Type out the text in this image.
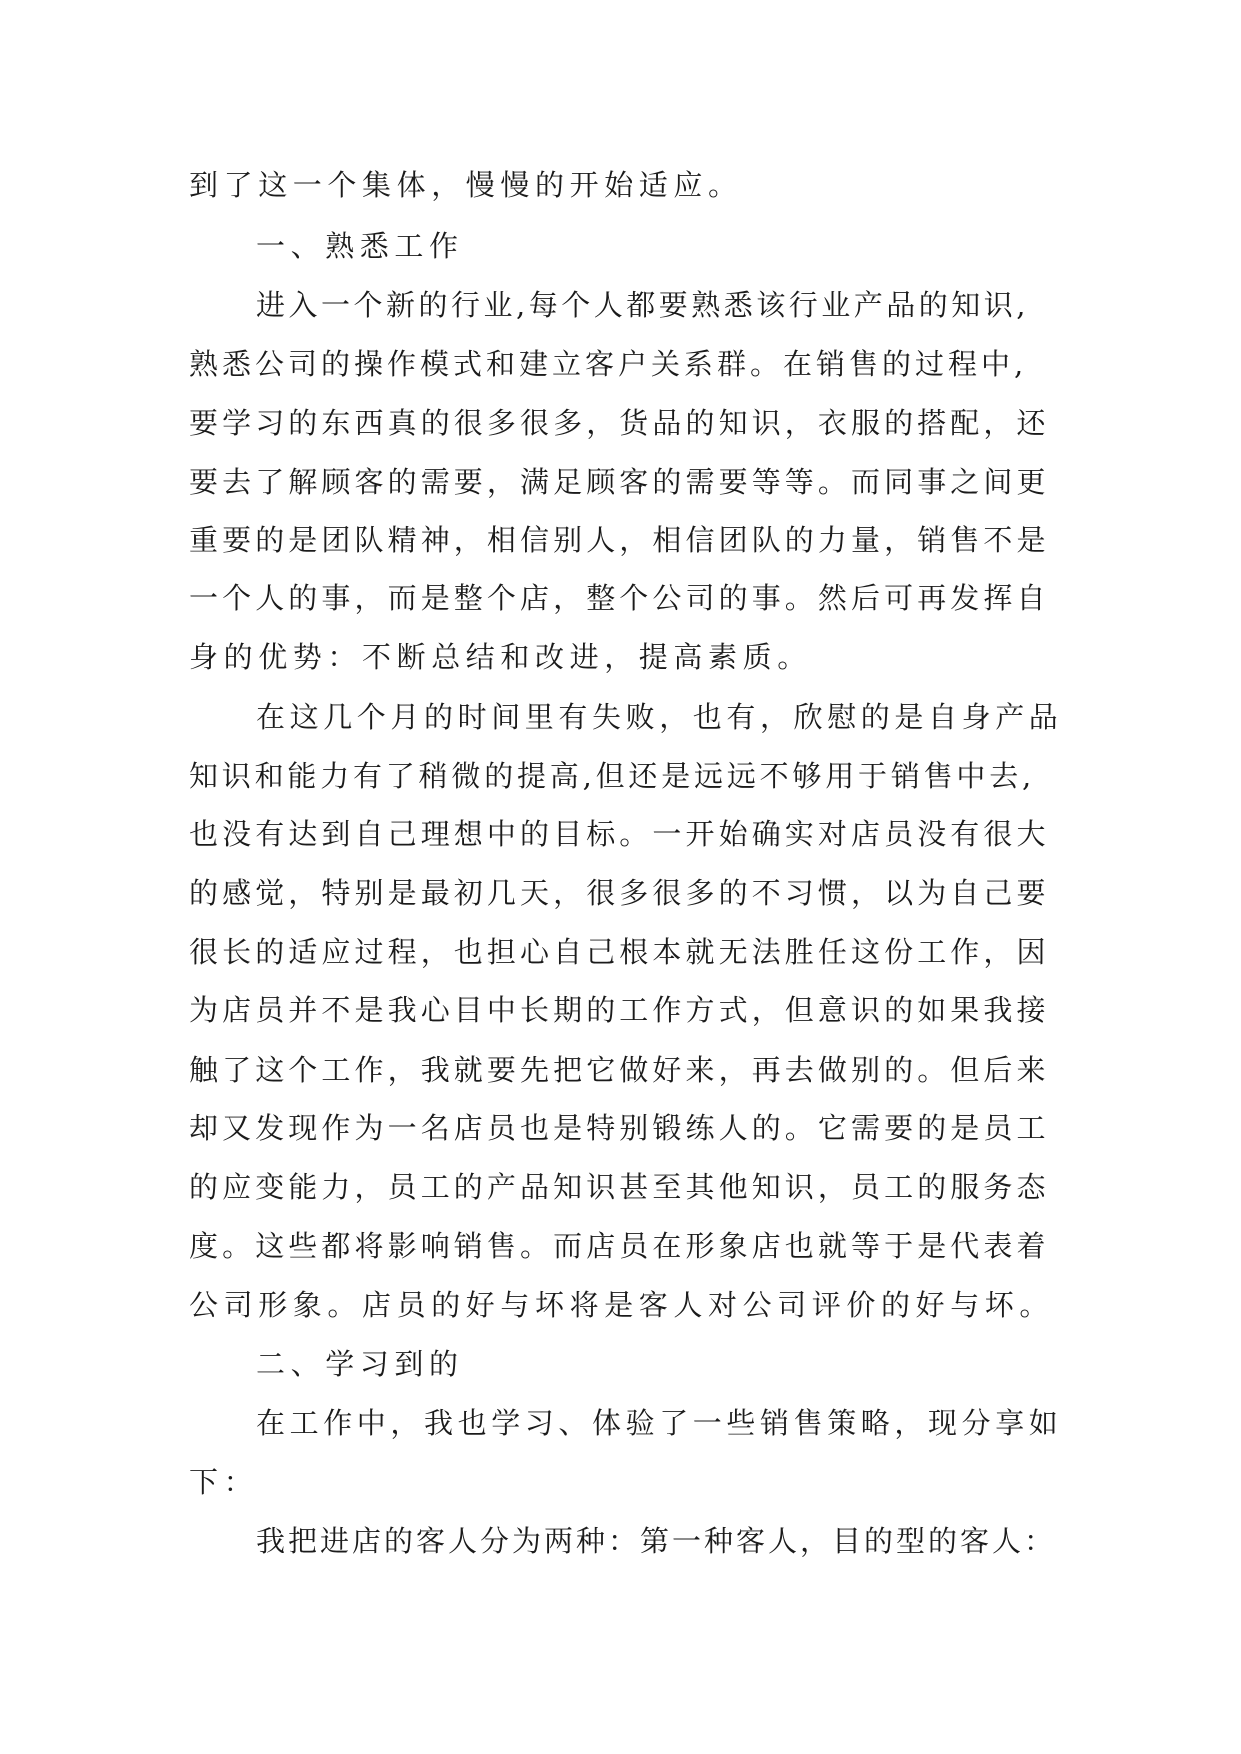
到了这一个集体，慢慢的开始适应。

一、熟悉工作

进入一个新的行业,每个人都要熟悉该行业产品的知识,

熟悉公司的操作模式和建立客户关系群。在销售的过程中,

要学习的东西真的很多很多，货品的知识，衣服的搭配，还

要去了解顾客的需要，满足顾客的需要等等。而同事之间更

重要的是团队精神，相信别人，相信团队的力量，销售不是

一个人的事，而是整个店，整个公司的事。然后可再发挥自

身的优势：不断总结和改进，提高素质。

在这几个月的时间里有失败，也有，欣慰的是自身产品

知识和能力有了稍微的提高,但还是远远不够用于销售中去,

也没有达到自己理想中的目标。一开始确实对店员没有很大

的感觉，特别是最初几天，很多很多的不习惯，以为自己要

很长的适应过程，也担心自己根本就无法胜任这份工作，因

为店员并不是我心目中长期的工作方式，但意识的如果我接

触了这个工作，我就要先把它做好来，再去做别的。但后来

却又发现作为一名店员也是特别锻练人的。它需要的是员工

的应变能力，员工的产品知识甚至其他知识，员工的服务态

度。这些都将影响销售。而店员在形象店也就等于是代表着

公司形象。店员的好与坏将是客人对公司评价的好与坏。

二、学习到的

在工作中，我也学习、体验了一些销售策略，现分享如

下：

我把进店的客人分为两种：第一种客人，目的型的客人：
